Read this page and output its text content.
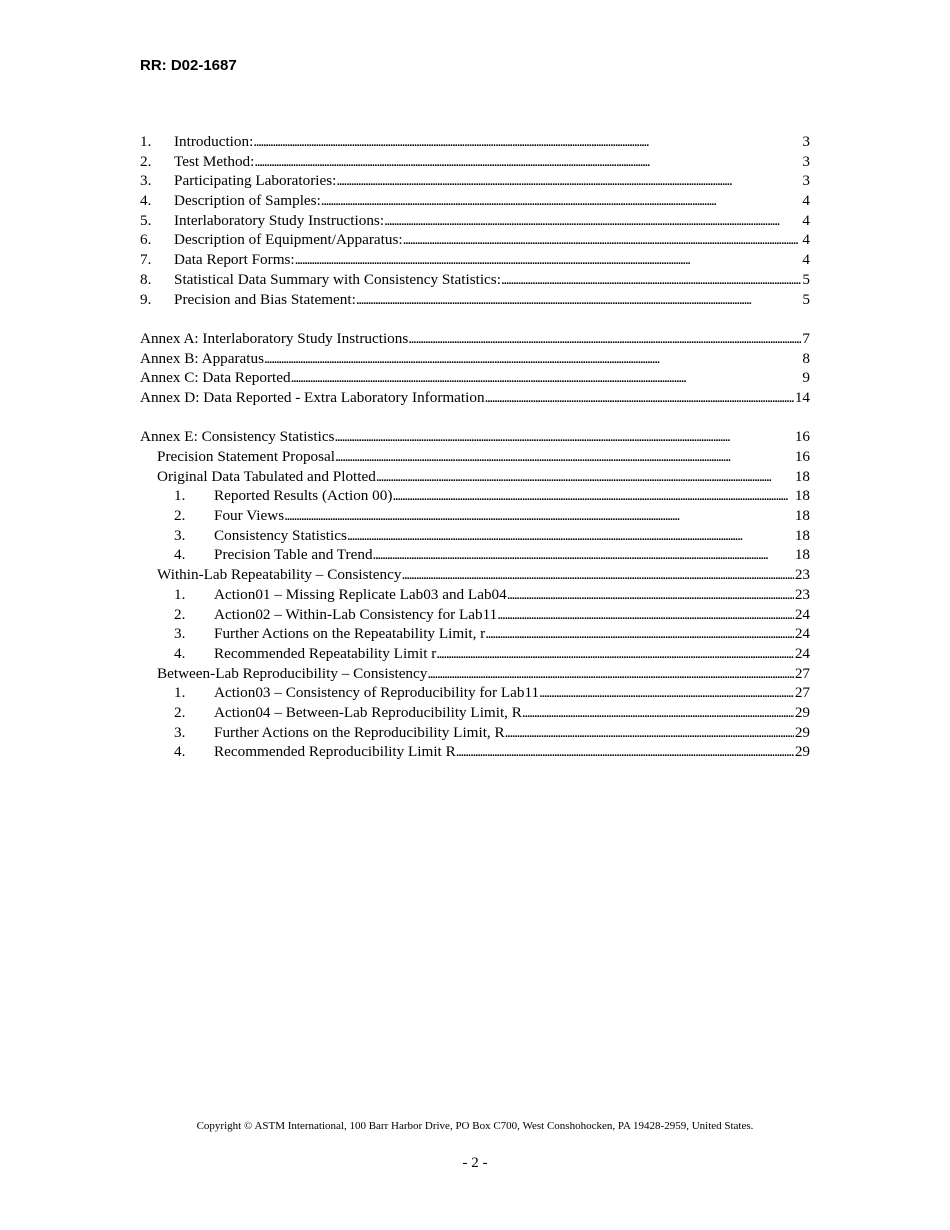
RR: D02-1687
1.	Introduction: . . .	3
2.	Test Method: . . .	3
3.	Participating Laboratories: . . .	3
4.	Description of Samples: . . .	4
5.	Interlaboratory Study Instructions: . . .	4
6.	Description of Equipment/Apparatus: . . .	4
7.	Data Report Forms: . . .	4
8.	Statistical Data Summary with Consistency Statistics: . . .	5
9.	Precision and Bias Statement: . . .	5
Annex A: Interlaboratory Study Instructions . . .	7
Annex B: Apparatus . . .	8
Annex C: Data Reported . . .	9
Annex D: Data Reported - Extra Laboratory Information . . .	14
Annex E: Consistency Statistics . . .	16
Precision Statement Proposal . . .	16
Original Data Tabulated and Plotted . . .	18
1.	Reported Results (Action 00) . . .	18
2.	Four Views . . .	18
3.	Consistency Statistics . . .	18
4.	Precision Table and Trend . . .	18
Within-Lab Repeatability – Consistency . . .	23
1.	Action01 – Missing Replicate Lab03 and Lab04 . . .	23
2.	Action02 – Within-Lab Consistency for Lab11 . . .	24
3.	Further Actions on the Repeatability Limit, r . . .	24
4.	Recommended Repeatability Limit r . . .	24
Between-Lab Reproducibility – Consistency . . .	27
1.	Action03 – Consistency of Reproducibility for Lab11 . . .	27
2.	Action04 – Between-Lab Reproducibility Limit, R . . .	29
3.	Further Actions on the Reproducibility Limit, R . . .	29
4.	Recommended Reproducibility Limit R . . .	29
Copyright © ASTM International, 100 Barr Harbor Drive, PO Box C700, West Conshohocken, PA 19428-2959, United States.
- 2 -
